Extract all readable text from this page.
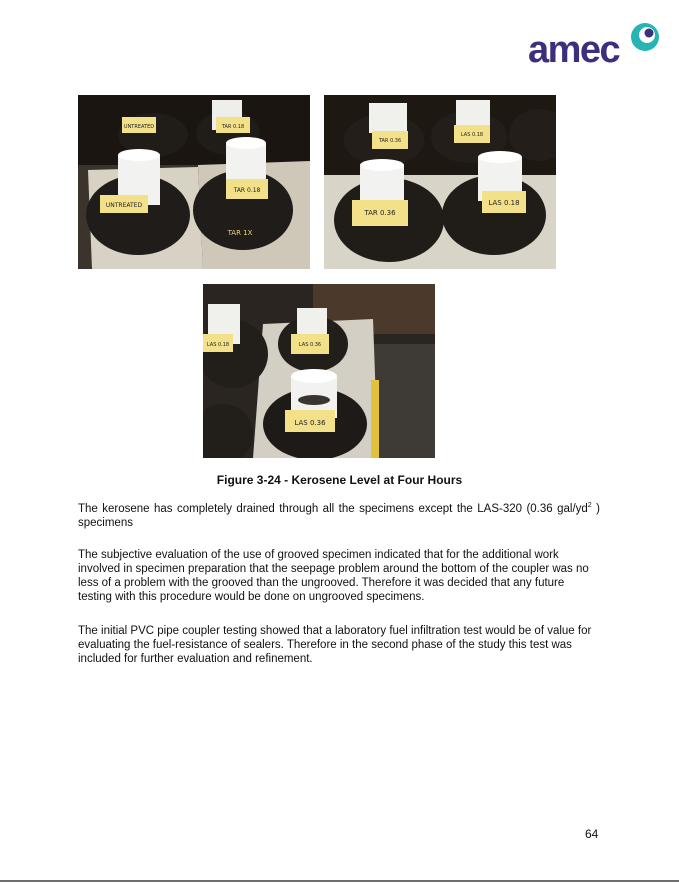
amec
UNTREATED	TAR 0.18
UNTREATED
TAR 0.18
TAR 1X
TAR 0.36
LAS 0.18
TAR 0.36
LAS 0.18
LAS 0.18	LAS 0.36
LAS 0.36
Figure 3-24 - Kerosene Level at Four Hours

The kerosene has completely drained through all the specimens except the LAS-320 (0.36 gal/$yd^2$ ) specimens

The subjective evaluation of the use of grooved specimen indicated that for the additional work involved in specimen preparation that the seepage problem around the bottom of the coupler was no less of a problem with the grooved than the ungrooved. Therefore it was decided that any future testing with this procedure would be done on ungrooved specimens.

The initial PVC pipe coupler testing showed that a laboratory fuel infiltration test would be of value for evaluating the fuel-resistance of sealers. Therefore in the second phase of the study this test was included for further evaluation and refinement.

64
